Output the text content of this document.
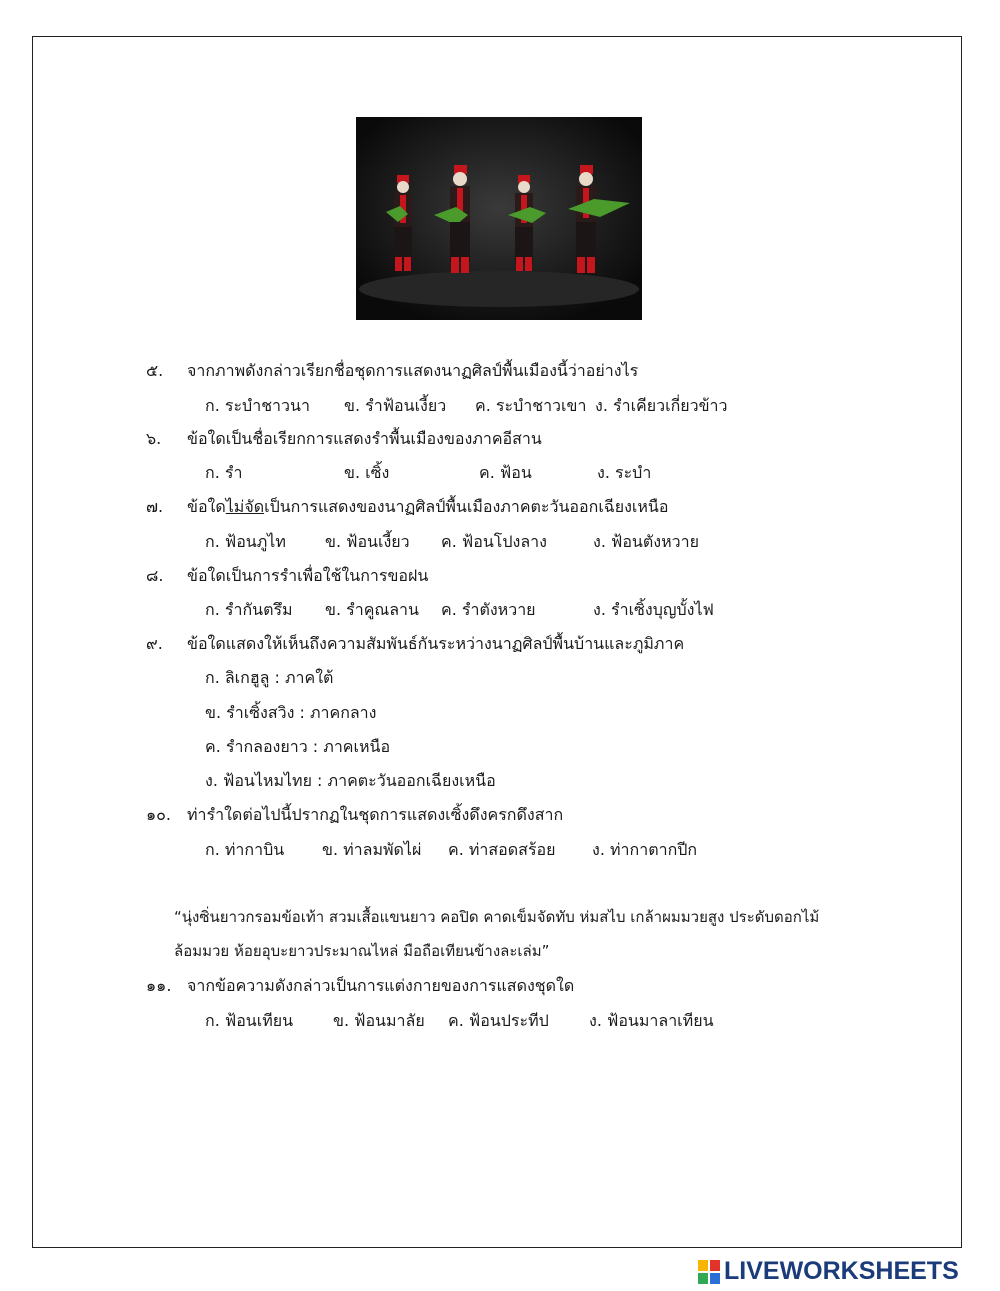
๕. จากภาพดังกล่าวเรียกชื่อชุดการแสดงนาฏศิลป์พื้นเมืองนี้ว่าอย่างไร
ก. ระบำชาวนา ข. รำฟ้อนเงี้ยว ค. ระบำชาวเขา ง. รำเคียวเกี่ยวข้าว
๖. ข้อใดเป็นชื่อเรียกการแสดงรำพื้นเมืองของภาคอีสาน
ก. รำ	ข. เซิ้ง	ค. ฟ้อน	ง. ระบำ
๗. ข้อใดไม่จัดเป็นการแสดงของนาฏศิลป์พื้นเมืองภาคตะวันออกเฉียงเหนือ
ก. ฟ้อนภูไท ข. ฟ้อนเงี้ยว ค. ฟ้อนโปงลาง	ง. ฟ้อนตังหวาย
๘. ข้อใดเป็นการรำเพื่อใช้ในการขอฝน
ก. รำกันตรึม ข. รำคูณลาน ค. รำตังหวาย	ง. รำเซิ้งบุญบั้งไฟ
๙. ข้อใดแสดงให้เห็นถึงความสัมพันธ์กันระหว่างนาฏศิลป์พื้นบ้านและภูมิภาค
ก. ลิเกฮูลู : ภาคใต้
ข. รำเซิ้งสวิง : ภาคกลาง
ค. รำกลองยาว : ภาคเหนือ
ง. ฟ้อนไหมไทย : ภาคตะวันออกเฉียงเหนือ
๑๐. ท่ารำใดต่อไปนี้ปรากฏในชุดการแสดงเซิ้งดึงครกดึงสาก
ก. ท่ากาบิน ข. ท่าลมพัดไผ่ ค. ท่าสอดสร้อย ง. ท่ากาตากปีก
“นุ่งซิ่นยาวกรอมข้อเท้า สวมเสื้อแขนยาว คอปิด คาดเข็มจัดทับ ห่มสไบ เกล้าผมมวยสูง ประดับดอกไม้
ล้อมมวย ห้อยอุบะยาวประมาณไหล่ มือถือเทียนข้างละเล่ม”
๑๑. จากข้อความดังกล่าวเป็นการแต่งกายของการแสดงชุดใด
ก. ฟ้อนเทียน ข. ฟ้อนมาลัย ค. ฟ้อนประทีป	ง. ฟ้อนมาลาเทียน
LIVEWORKSHEETS
